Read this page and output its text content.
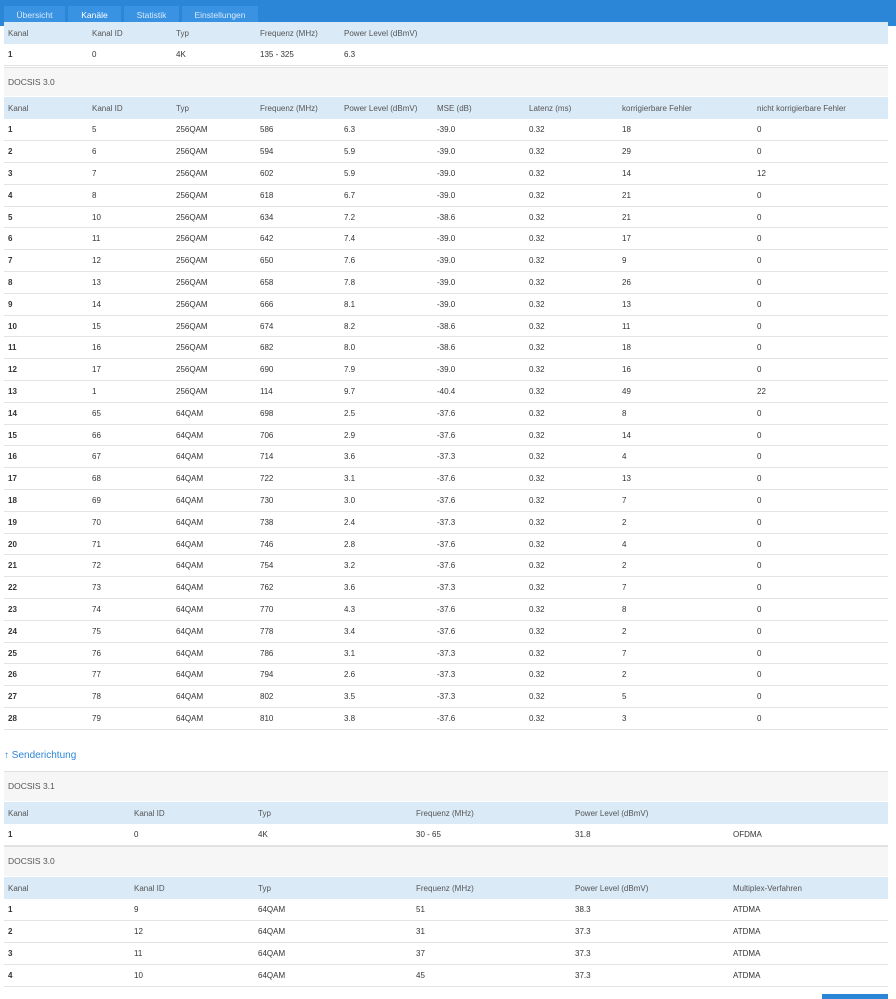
Übersicht	Kanäle	Statistik	Einstellungen
Kanal	Kanal ID	Typ	Frequenz (MHz)	Power Level (dBmV)
1	0	4K	135 - 325	6.3
DOCSIS 3.0
Kanal	Kanal ID	Typ	Frequenz (MHz)	Power Level (dBmV)	MSE (dB)	Latenz (ms)	korrigierbare Fehler	nicht korrigierbare Fehler
1	5	256QAM	586	6.3	-39.0	0.32	18	0
2	6	256QAM	594	5.9	-39.0	0.32	29	0
3	7	256QAM	602	5.9	-39.0	0.32	14	12
4	8	256QAM	618	6.7	-39.0	0.32	21	0
5	10	256QAM	634	7.2	-38.6	0.32	21	0
6	11	256QAM	642	7.4	-39.0	0.32	17	0
7	12	256QAM	650	7.6	-39.0	0.32	9	0
8	13	256QAM	658	7.8	-39.0	0.32	26	0
9	14	256QAM	666	8.1	-39.0	0.32	13	0
10	15	256QAM	674	8.2	-38.6	0.32	11	0
11	16	256QAM	682	8.0	-38.6	0.32	18	0
12	17	256QAM	690	7.9	-39.0	0.32	16	0
13	1	256QAM	114	9.7	-40.4	0.32	49	22
14	65	64QAM	698	2.5	-37.6	0.32	8	0
15	66	64QAM	706	2.9	-37.6	0.32	14	0
16	67	64QAM	714	3.6	-37.3	0.32	4	0
17	68	64QAM	722	3.1	-37.6	0.32	13	0
18	69	64QAM	730	3.0	-37.6	0.32	7	0
19	70	64QAM	738	2.4	-37.3	0.32	2	0
20	71	64QAM	746	2.8	-37.6	0.32	4	0
21	72	64QAM	754	3.2	-37.6	0.32	2	0
22	73	64QAM	762	3.6	-37.3	0.32	7	0
23	74	64QAM	770	4.3	-37.6	0.32	8	0
24	75	64QAM	778	3.4	-37.6	0.32	2	0
25	76	64QAM	786	3.1	-37.3	0.32	7	0
26	77	64QAM	794	2.6	-37.3	0.32	2	0
27	78	64QAM	802	3.5	-37.3	0.32	5	0
28	79	64QAM	810	3.8	-37.6	0.32	3	0
↑ Senderichtung
DOCSIS 3.1
Kanal	Kanal ID	Typ	Frequenz (MHz)	Power Level (dBmV)	
1	0	4K	30 - 65	31.8	OFDMA
DOCSIS 3.0
Kanal	Kanal ID	Typ	Frequenz (MHz)	Power Level (dBmV)	Multiplex-Verfahren
1	9	64QAM	51	38.3	ATDMA
2	12	64QAM	31	37.3	ATDMA
3	11	64QAM	37	37.3	ATDMA
4	10	64QAM	45	37.3	ATDMA
